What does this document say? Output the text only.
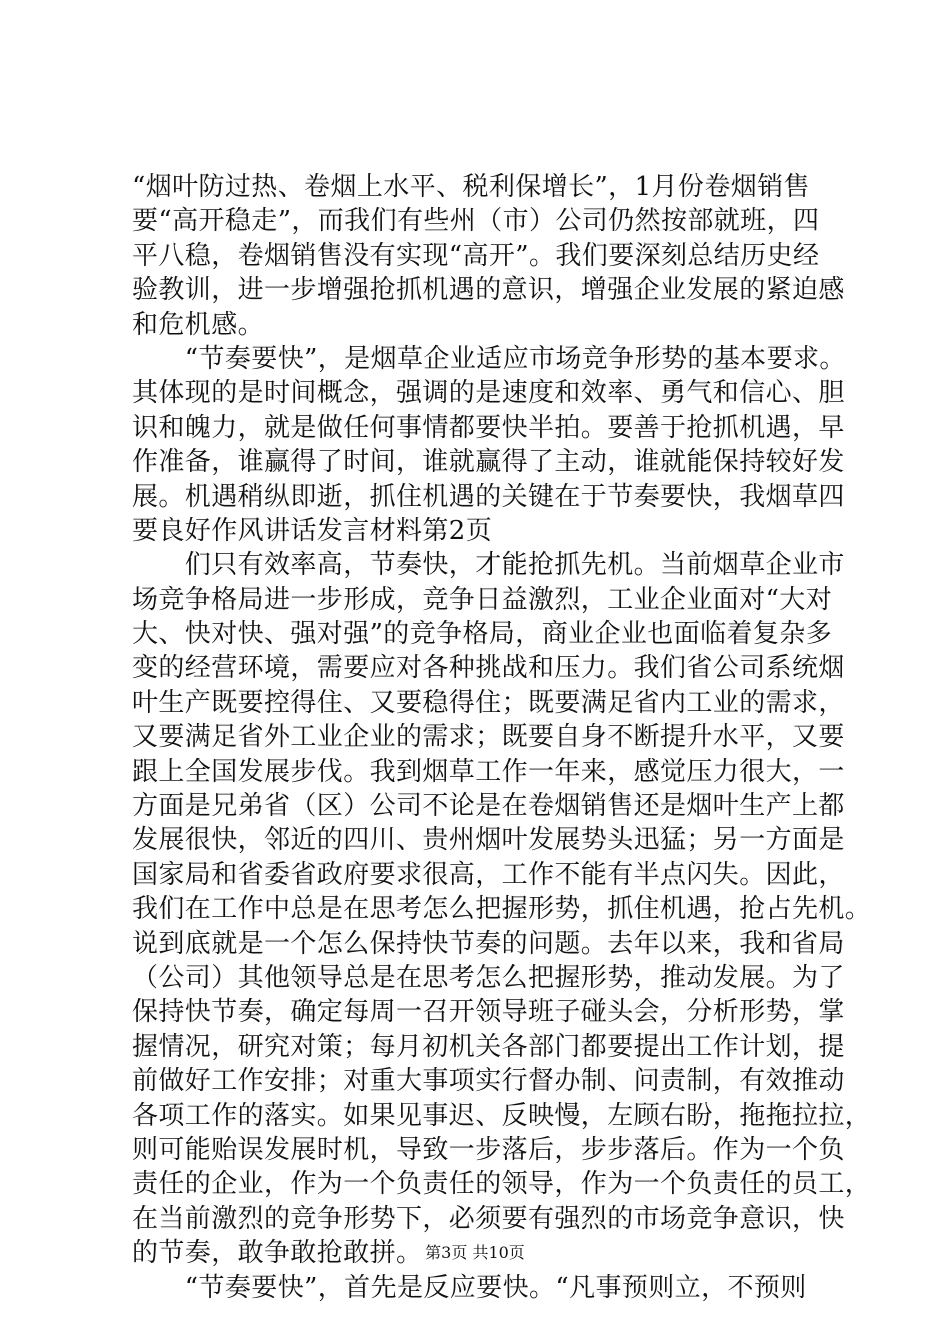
“烟叶防过热、卷烟上水平、税利保增长”，1月份卷烟销售
要“高开稳走”，而我们有些州（市）公司仍然按部就班，四
平八稳，卷烟销售没有实现“高开”。我们要深刻总结历史经
验教训，进一步增强抢抓机遇的意识，增强企业发展的紧迫感
和危机感。
　　“节奏要快”，是烟草企业适应市场竞争形势的基本要求。
其体现的是时间概念，强调的是速度和效率、勇气和信心、胆
识和魄力，就是做任何事情都要快半拍。要善于抢抓机遇，早
作准备，谁赢得了时间，谁就赢得了主动，谁就能保持较好发
展。机遇稍纵即逝，抓住机遇的关键在于节奏要快，我烟草四
要良好作风讲话发言材料第2页
　　们只有效率高，节奏快，才能抢抓先机。当前烟草企业市
场竞争格局进一步形成，竞争日益激烈，工业企业面对“大对
大、快对快、强对强”的竞争格局，商业企业也面临着复杂多
变的经营环境，需要应对各种挑战和压力。我们省公司系统烟
叶生产既要控得住、又要稳得住；既要满足省内工业的需求，
又要满足省外工业企业的需求；既要自身不断提升水平，又要
跟上全国发展步伐。我到烟草工作一年来，感觉压力很大，一
方面是兄弟省（区）公司不论是在卷烟销售还是烟叶生产上都
发展很快，邻近的四川、贵州烟叶发展势头迅猛；另一方面是
国家局和省委省政府要求很高，工作不能有半点闪失。因此，
我们在工作中总是在思考怎么把握形势，抓住机遇，抢占先机。
说到底就是一个怎么保持快节奏的问题。去年以来，我和省局
（公司）其他领导总是在思考怎么把握形势，推动发展。为了
保持快节奏，确定每周一召开领导班子碰头会，分析形势，掌
握情况，研究对策；每月初机关各部门都要提出工作计划，提
前做好工作安排；对重大事项实行督办制、问责制，有效推动
各项工作的落实。如果见事迟、反映慢，左顾右盼，拖拖拉拉，
则可能贻误发展时机，导致一步落后，步步落后。作为一个负
责任的企业，作为一个负责任的领导，作为一个负责任的员工，
在当前激烈的竞争形势下，必须要有强烈的市场竞争意识，快
的节奏，敢争敢抢敢拼。
　　“节奏要快”，首先是反应要快。“凡事预则立，不预则
第3页 共10页
